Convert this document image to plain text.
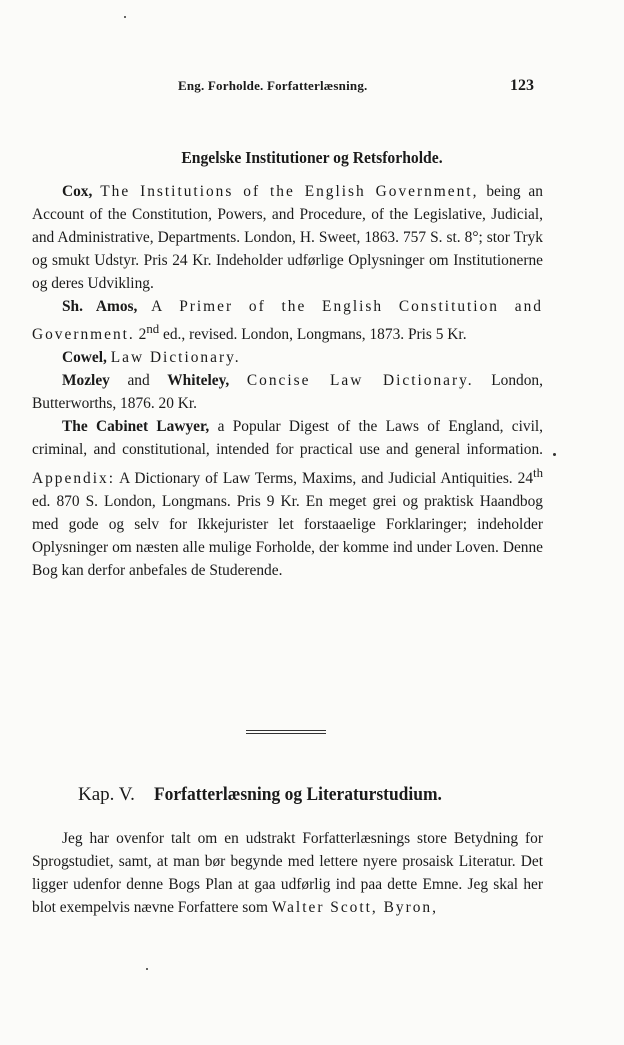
Eng. Forholde. Forfatterlæsning.	123
Engelske Institutioner og Retsforholde.

Cox, The Institutions of the English Government, being an Account of the Constitution, Powers, and Procedure, of the Legislative, Judicial, and Administrative, Departments. London, H. Sweet, 1863. 757 S. st. 8°; stor Tryk og smukt Udstyr. Pris 24 Kr. Indeholder udførlige Oplysninger om Institutionerne og deres Udvikling.

Sh. Amos, A Primer of the English Constitution and Government. 2nd ed., revised. London, Longmans, 1873. Pris 5 Kr.

Cowel, Law Dictionary.

Mozley and Whiteley, Concise Law Dictionary. London, Butterworths, 1876. 20 Kr.

The Cabinet Lawyer, a Popular Digest of the Laws of England, civil, criminal, and constitutional, intended for practical use and general information. Appendix: A Dictionary of Law Terms, Maxims, and Judicial Antiquities. 24th ed. 870 S. London, Longmans. Pris 9 Kr. En meget grei og praktisk Haandbog med gode og selv for Ikkejurister let forstaaelige Forklaringer; indeholder Oplysninger om næsten alle mulige Forholde, der komme ind under Loven. Denne Bog kan derfor anbefales de Studerende.

Kap. V. Forfatterlæsning og Literaturstudium.

Jeg har ovenfor talt om en udstrakt Forfatterlæsnings store Betydning for Sprogstudiet, samt, at man bør begynde med lettere nyere prosaisk Literatur. Det ligger udenfor denne Bogs Plan at gaa udførlig ind paa dette Emne. Jeg skal her blot exempelvis nævne Forfattere som Walter Scott, Byron,
